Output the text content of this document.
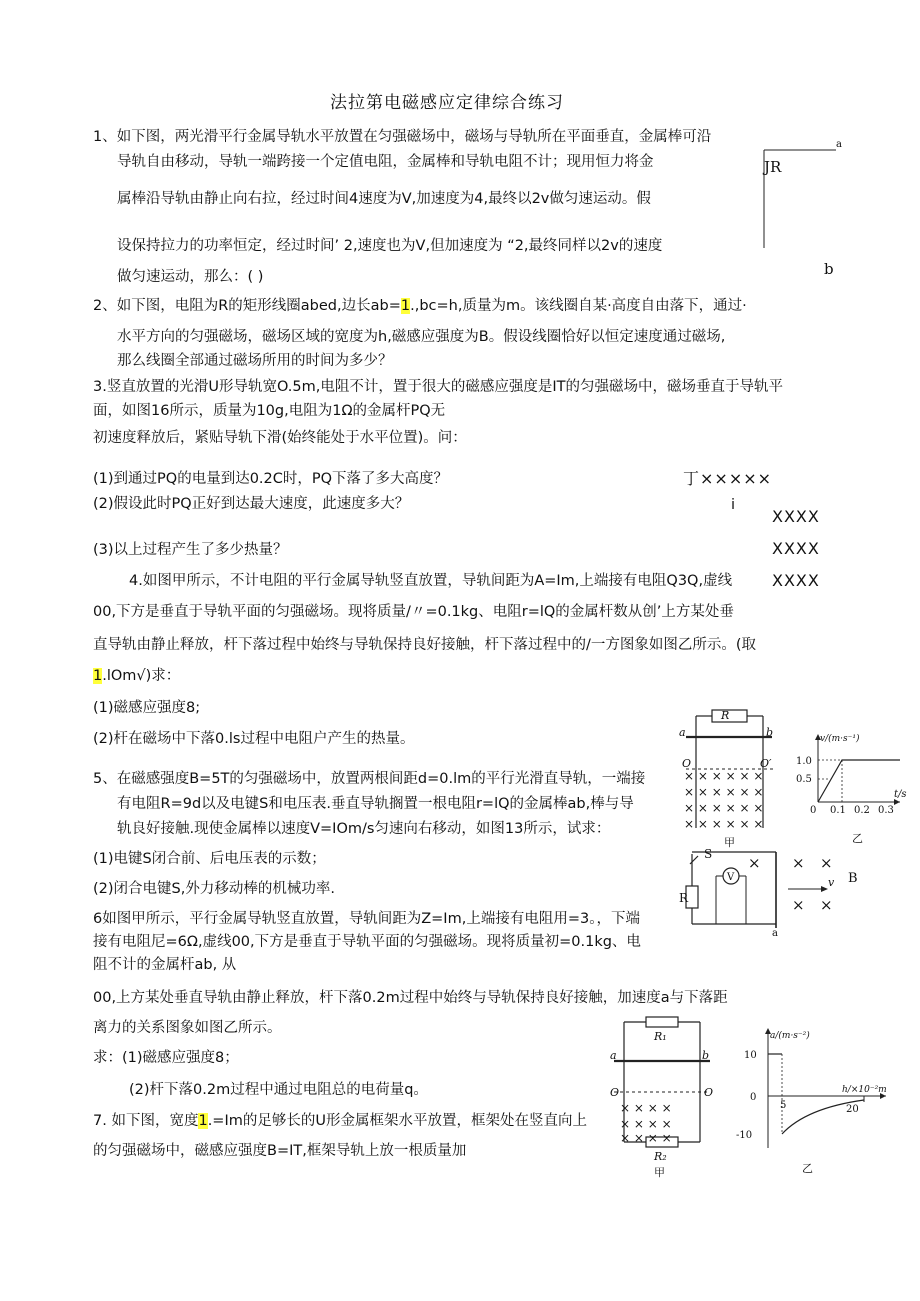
法拉第电磁感应定律综合练习
1、如下图，两光滑平行金属导轨水平放置在匀强磁场中，磁场与导轨所在平面垂直，金属棒可沿
导轨自由移动，导轨一端跨接一个定值电阻，金属棒和导轨电阻不计；现用恒力将金
属棒沿导轨由静止向右拉，经过时间4速度为V,加速度为4,最终以2v做匀速运动。假
设保持拉力的功率恒定，经过时间’ 2,速度也为V,但加速度为 “2,最终同样以2v的速度
做匀速运动，那么：( )
a
JR
b
2、如下图，电阻为R的矩形线圈abed,边长ab=1.,bc=h,质量为m。该线圈自某·高度自由落下，通过·
水平方向的匀强磁场，磁场区域的宽度为h,磁感应强度为B。假设线圈恰好以恒定速度通过磁场,
那么线圈全部通过磁场所用的时间为多少？
3.竖直放置的光滑U形导轨宽O.5m,电阻不计，置于很大的磁感应强度是IT的匀强磁场中，磁场垂直于导轨平
面，如图16所示，质量为10g,电阻为1Ω的金属杆PQ无
初速度释放后，紧贴导轨下滑(始终能处于水平位置)。问：
(1)到通过PQ的电量到达0.2C时，PQ下落了多大高度？
(2)假设此时PQ正好到达最大速度，此速度多大？
(3)以上过程产生了多少热量？
丁×××××
i
XXXX
XXXX
XXXX
4.如图甲所示，不计电阻的平行金属导轨竖直放置，导轨间距为A=Im,上端接有电阻Q3Q,虚线
00,下方是垂直于导轨平面的匀强磁场。现将质量/〃=0.1kg、电阻r=lQ的金属杆数从创’上方某处垂
直导轨由静止释放，杆下落过程中始终与导轨保持良好接触，杆下落过程中的/一方图象如图乙所示。(取
1.lOm√)求：
(1)磁感应强度8;
(2)杆在磁场中下落0.ls过程中电阻户产生的热量。
× × × × × ×
× × × × × ×
× × × × × ×
× × × × × ×
R
a	b
O	O′
甲
v/(m·s⁻¹)
1.0
0.5
0 0.1 0.2 0.3
t/s
乙
5、在磁感强度B=5T的匀强磁场中，放置两根间距d=0.lm的平行光滑直导轨，一端接
有电阻R=9d以及电键S和电压表.垂直导轨搁置一根电阻r=lQ的金属棒ab,棒与导
轨良好接触.现使金属棒以速度V=IOm/s匀速向右移动，如图13所示，试求：
(1)电键S闭合前、后电压表的示数；
(2)闭合电键S,外力移动棒的机械功率.
× × ×
× ×
S
R
V	v B
a
6如图甲所示，平行金属导轨竖直放置，导轨间距为Z=Im,上端接有电阻用=3。，下端
接有电阻尼=6Ω,虚线00,下方是垂直于导轨平面的匀强磁场。现将质量初=0.1kg、电
阻不计的金属杆ab, 从
00,上方某处垂直导轨由静止释放，杆下落0.2m过程中始终与导轨保持良好接触，加速度a与下落距
离力的关系图象如图乙所示。
求：(1)磁感应强度8；
(2)杆下落0.2m过程中通过电阻总的电荷量q。
7. 如下图，宽度1.=Im的足够长的U形金属框架水平放置，框架处在竖直向上
的匀强磁场中，磁感应强度B=IT,框架导轨上放一根质量加
× × × ×
× × × ×
× × × ×
R₁
a	b
O	O
R₂
甲
a/(m·s⁻²)
10
0
-10
5	20
h/×10⁻²m
乙
